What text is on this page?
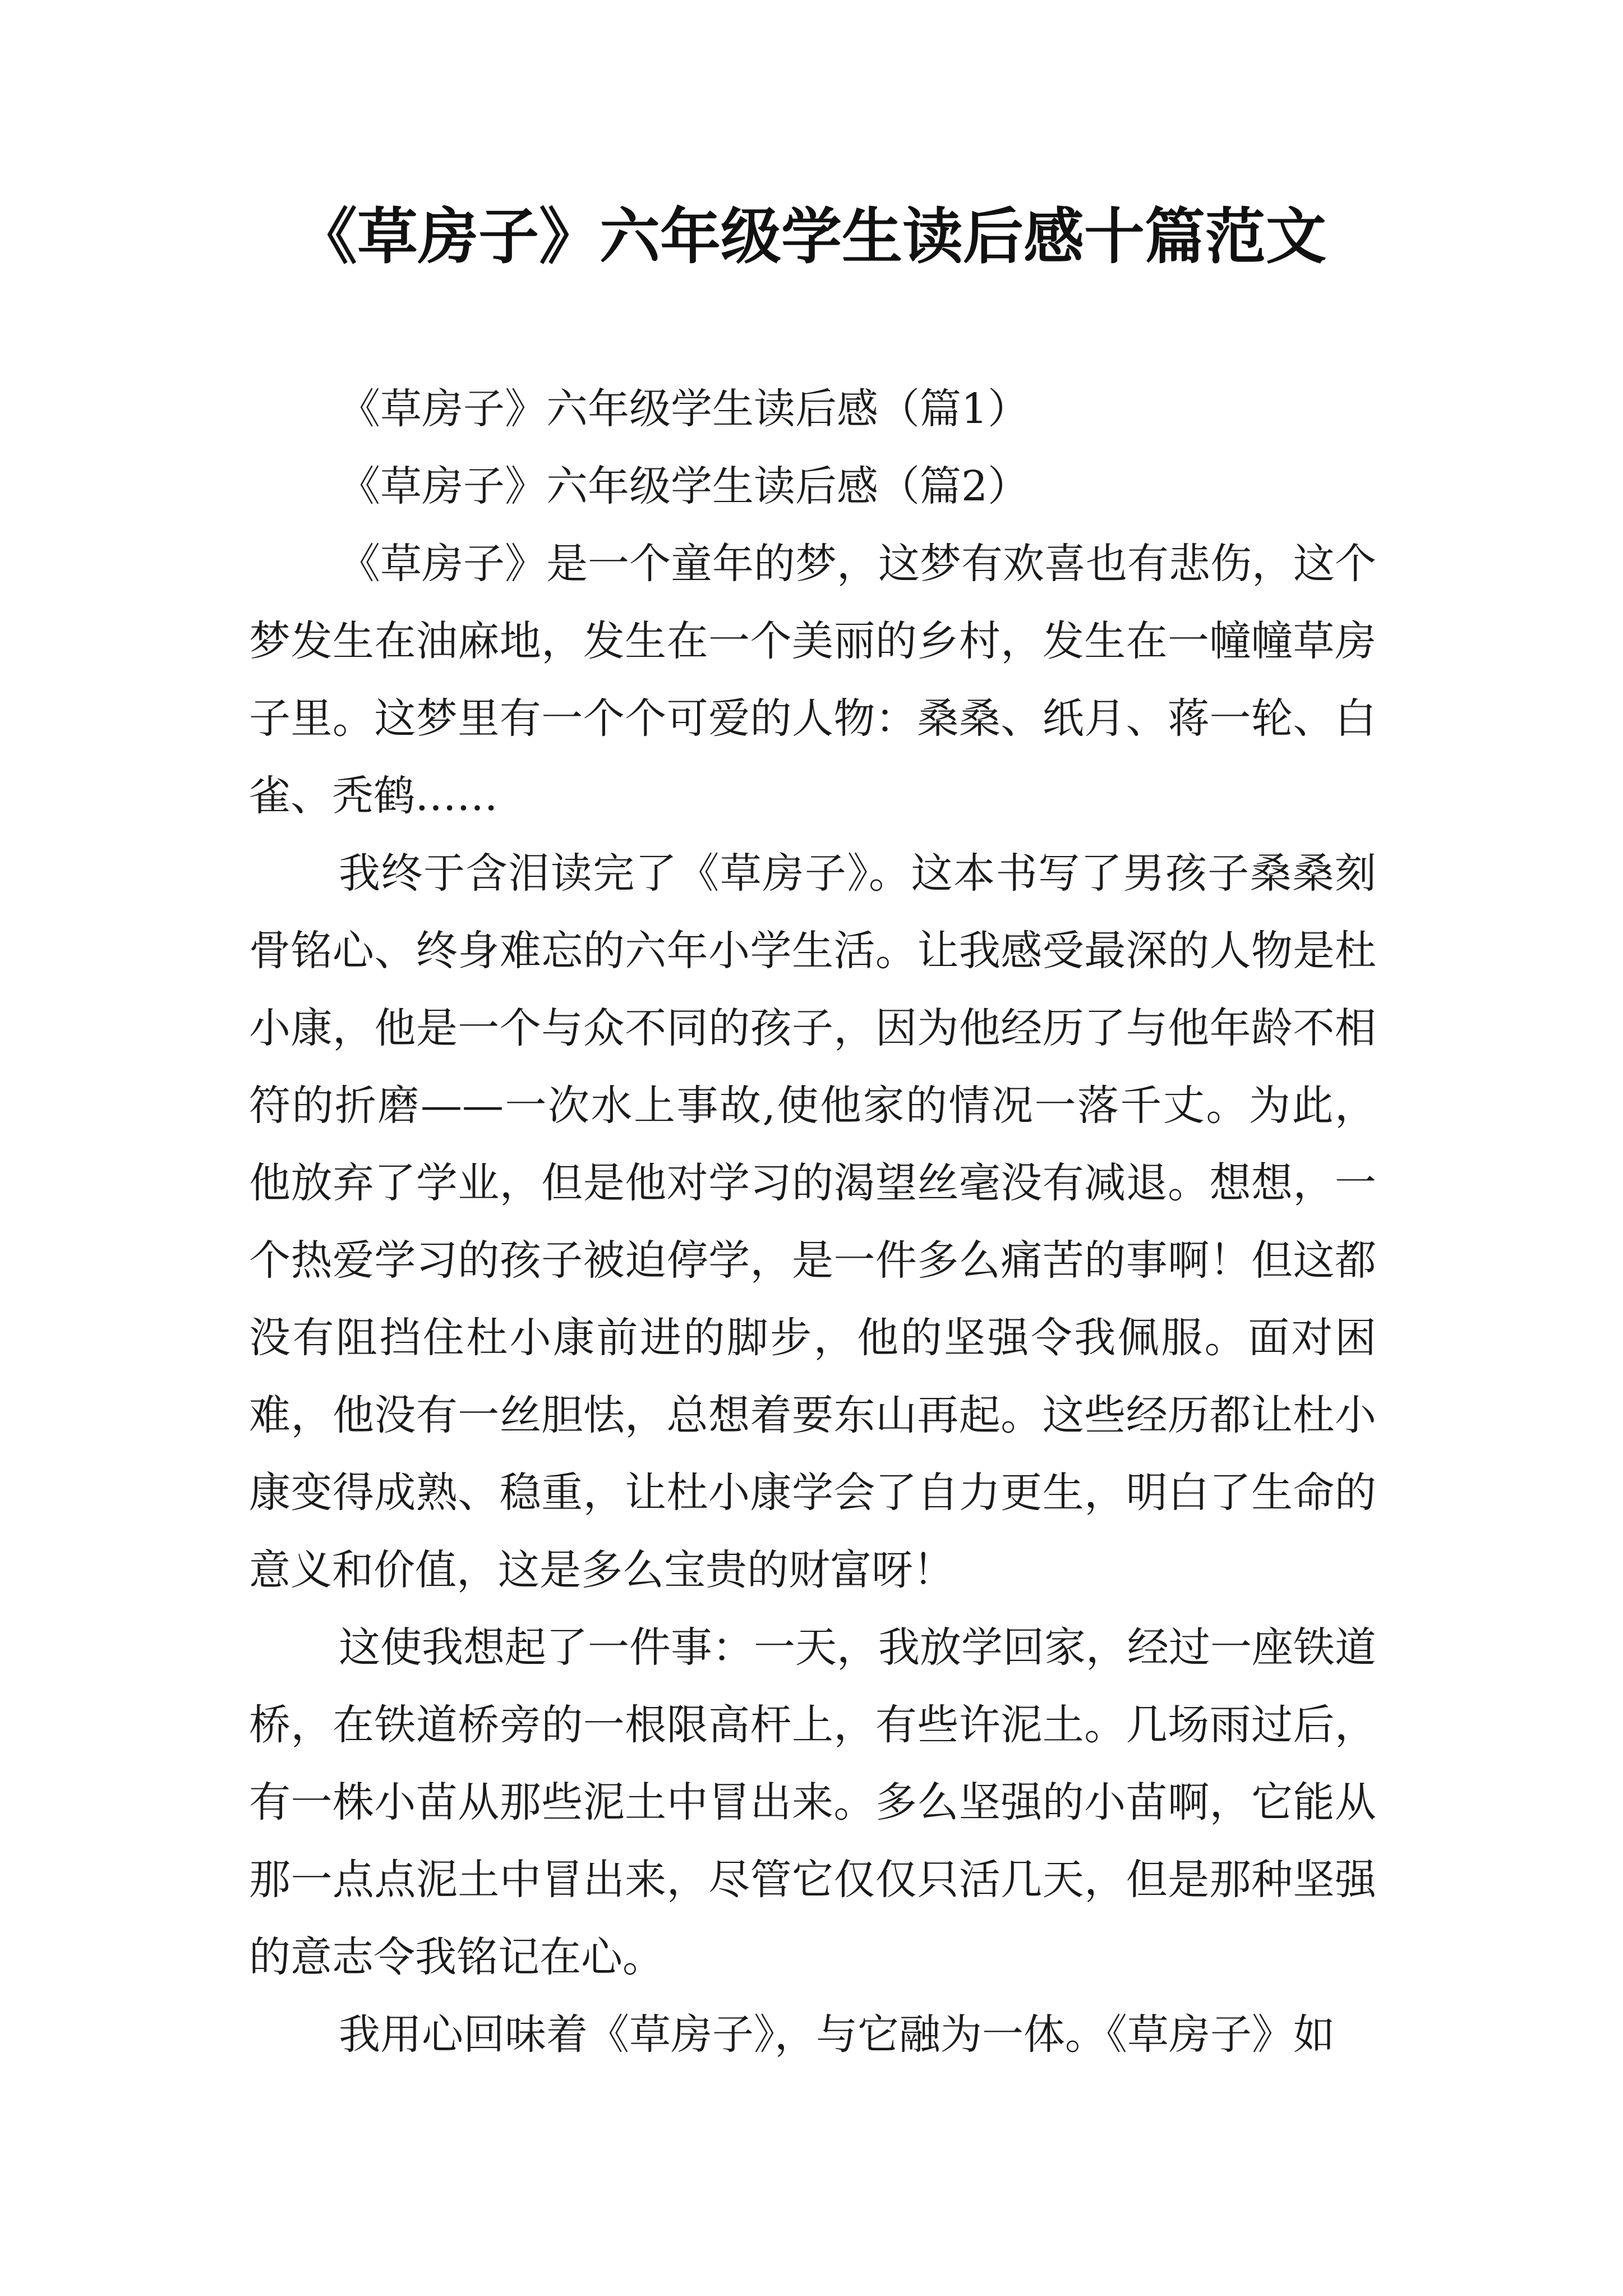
《草房子》六年级学生读后感十篇范文

《草房子》六年级学生读后感（篇1）

《草房子》六年级学生读后感（篇2）

《草房子》是一个童年的梦，这梦有欢喜也有悲伤，这个梦发生在油麻地，发生在一个美丽的乡村，发生在一幢幢草房子里。这梦里有一个个可爱的人物：桑桑、纸月、蒋一轮、白雀、秃鹤……

我终于含泪读完了《草房子》。这本书写了男孩子桑桑刻骨铭心、终身难忘的六年小学生活。让我感受最深的人物是杜小康，他是一个与众不同的孩子，因为他经历了与他年龄不相符的折磨——一次水上事故,使他家的情况一落千丈。为此，他放弃了学业，但是他对学习的渴望丝毫没有减退。想想，一个热爱学习的孩子被迫停学，是一件多么痛苦的事啊！但这都没有阻挡住杜小康前进的脚步，他的坚强令我佩服。面对困难，他没有一丝胆怯，总想着要东山再起。这些经历都让杜小康变得成熟、稳重，让杜小康学会了自力更生，明白了生命的意义和价值，这是多么宝贵的财富呀！

这使我想起了一件事：一天，我放学回家，经过一座铁道桥，在铁道桥旁的一根限高杆上，有些许泥土。几场雨过后，有一株小苗从那些泥土中冒出来。多么坚强的小苗啊，它能从那一点点泥土中冒出来，尽管它仅仅只活几天，但是那种坚强的意志令我铭记在心。

我用心回味着《草房子》，与它融为一体。《草房子》如
